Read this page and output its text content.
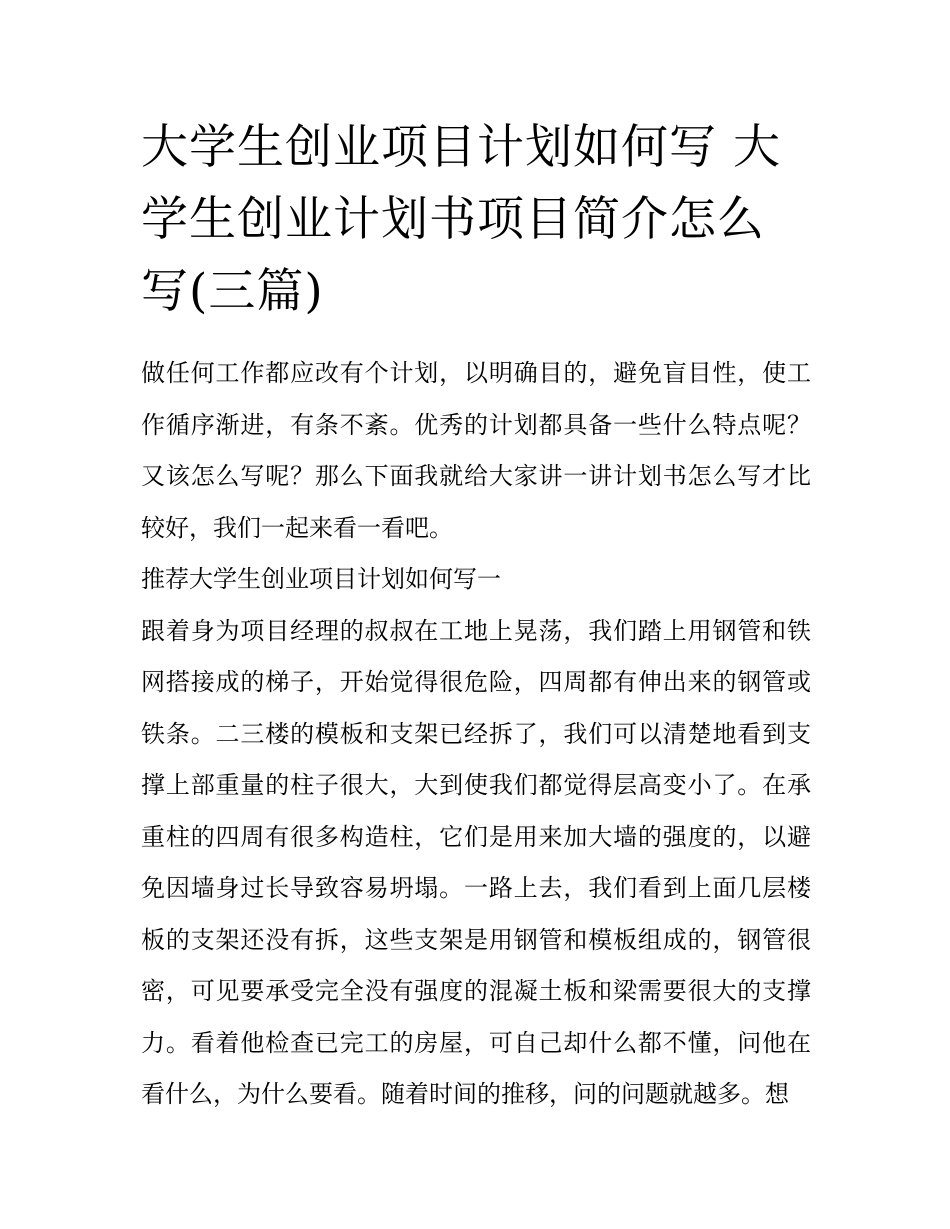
大学生创业项目计划如何写 大学生创业计划书项目简介怎么写(三篇)

做任何工作都应改有个计划，以明确目的，避免盲目性，使工作循序渐进，有条不紊。优秀的计划都具备一些什么特点呢？又该怎么写呢？那么下面我就给大家讲一讲计划书怎么写才比较好，我们一起来看一看吧。

推荐大学生创业项目计划如何写一

跟着身为项目经理的叔叔在工地上晃荡，我们踏上用钢管和铁网搭接成的梯子，开始觉得很危险，四周都有伸出来的钢管或铁条。二三楼的模板和支架已经拆了，我们可以清楚地看到支撑上部重量的柱子很大，大到使我们都觉得层高变小了。在承重柱的四周有很多构造柱，它们是用来加大墙的强度的，以避免因墙身过长导致容易坍塌。一路上去，我们看到上面几层楼板的支架还没有拆，这些支架是用钢管和模板组成的，钢管很密，可见要承受完全没有强度的混凝土板和梁需要很大的支撑力。看着他检查已完工的房屋，可自己却什么都不懂，问他在看什么，为什么要看。随着时间的推移，问的问题就越多。想
